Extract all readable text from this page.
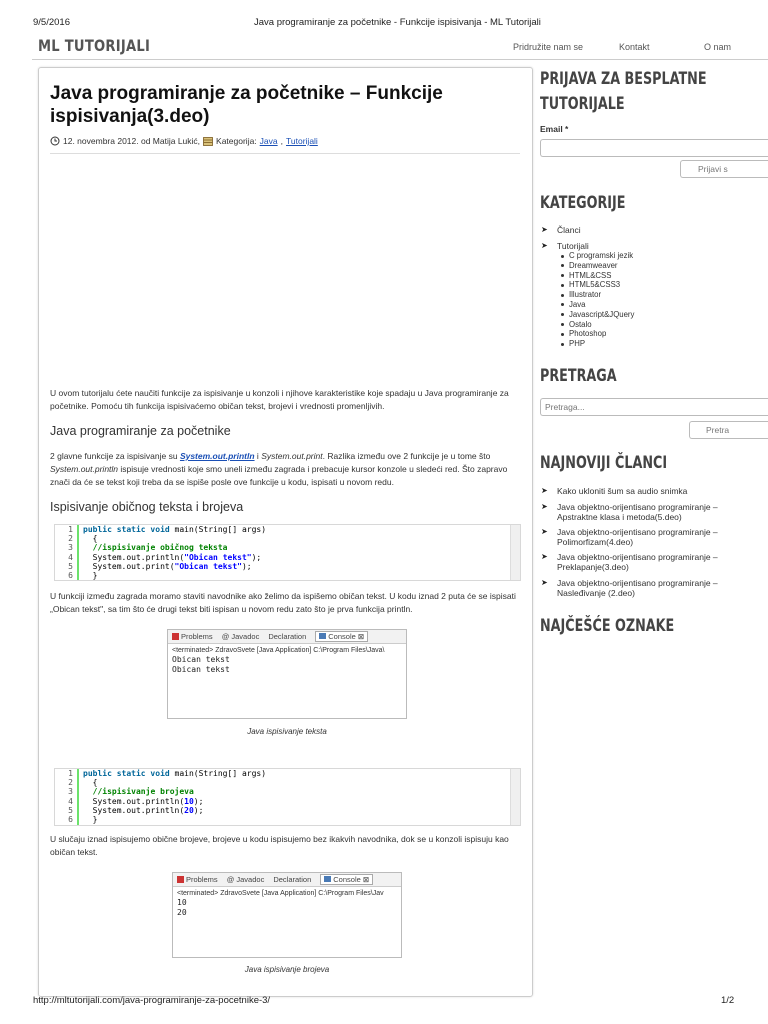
9/5/2016	Java programiranje za početnike - Funkcije ispisivanja - ML Tutorijali
ML TUTORIJALI	Pridružite nam se	Kontakt	O nam
Java programiranje za početnike – Funkcije ispisivanja(3.deo)
12. novembra 2012. od Matija Lukić, Kategorija: Java , Tutorijali
U ovom tutorijalu ćete naučiti funkcije za ispisivanje u konzoli i njihove karakteristike koje spadaju u Java programiranje za početnike. Pomoću tih funkcija ispisivaćemo običan tekst, brojevi i vrednosti promenljivih.
Java programiranje za početnike
2 glavne funkcije za ispisivanje su System.out.println i System.out.print. Razlika između ove 2 funkcije je u tome što System.out.println ispisuje vrednosti koje smo uneli između zagrada i prebacuje kursor konzole u sledeći red. Što zapravo znači da će se tekst koji treba da se ispiše posle ove funkcije u kodu, ispisati u novom redu.
Ispisivanje običnog teksta i brojeva
1
2
3
4
5
6
public static void main(String[] args)
{
//ispisivanje običnog teksta
System.out.println("Obican tekst");
System.out.print("Obican tekst");
}
U funkciji između zagrada moramo staviti navodnike ako želimo da ispišemo običan tekst. U kodu iznad 2 puta će se ispisati „Obican tekst", sa tim što će drugi tekst biti ispisan u novom redu zato što je prva funkcija println.
Problems @ Javadoc Declaration	Console ⊠
<terminated> ZdravoSvete [Java Application] C:\Program Files\Java\
Obican tekst
Obican tekst
Java ispisivanje teksta
1
2
3
4
5
6
public static void main(String[] args)
{
//ispisivanje brojeva
System.out.println(10);
System.out.println(20);
}
U slučaju iznad ispisujemo obične brojeve, brojeve u kodu ispisujemo bez ikakvih navodnika, dok se u konzoli ispisuju kao običan tekst.
Problems @ Javadoc Declaration	Console ⊠
<terminated> ZdravoSvete [Java Application] C:\Program Files\Jav
10
20
Java ispisivanje brojeva
PRIJAVA ZA BESPLATNE
TUTORIJALE
Email *
Prijavi s
KATEGORIJE
➤	Članci
➤	Tutorijali
C programski jezik
Dreamweaver
HTML&CSS
HTML5&CSS3
Illustrator
Java
Javascript&JQuery
Ostalo
Photoshop
PHP
PRETRAGA
Pretraga...
Pretra
NAJNOVIJI ČLANCI
➤	Kako ukloniti šum sa audio snimka
➤	Java objektno-orijentisano programiranje –
Apstraktne klasa i metoda(5.deo)
➤	Java objektno-orijentisano programiranje –
Polimorfizam(4.deo)
➤	Java objektno-orijentisano programiranje –
Preklapanje(3.deo)
➤	Java objektno-orijentisano programiranje –
Nasleđivanje (2.deo)
NAJČEŠĆE OZNAKE
http://mltutorijali.com/java-programiranje-za-pocetnike-3/	1/2
